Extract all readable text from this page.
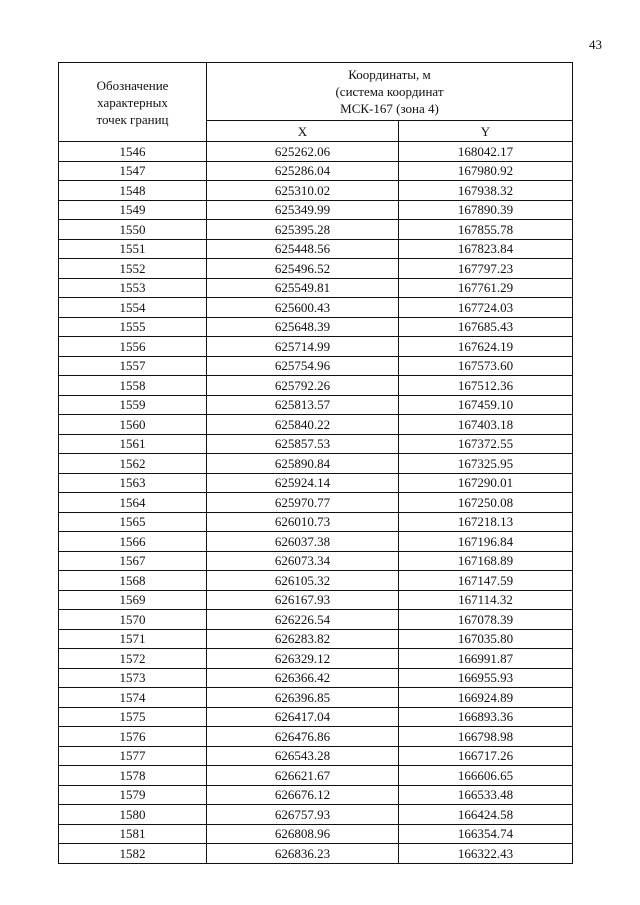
43
Обозначение
характерных
точек границ	Координаты, м
(система координат
МСК-167 (зона 4)	

	X	Y
1546	625262.06	168042.17
1547	625286.04	167980.92
1548	625310.02	167938.32
1549	625349.99	167890.39
1550	625395.28	167855.78
1551	625448.56	167823.84
1552	625496.52	167797.23
1553	625549.81	167761.29
1554	625600.43	167724.03
1555	625648.39	167685.43
1556	625714.99	167624.19
1557	625754.96	167573.60
1558	625792.26	167512.36
1559	625813.57	167459.10
1560	625840.22	167403.18
1561	625857.53	167372.55
1562	625890.84	167325.95
1563	625924.14	167290.01
1564	625970.77	167250.08
1565	626010.73	167218.13
1566	626037.38	167196.84
1567	626073.34	167168.89
1568	626105.32	167147.59
1569	626167.93	167114.32
1570	626226.54	167078.39
1571	626283.82	167035.80
1572	626329.12	166991.87
1573	626366.42	166955.93
1574	626396.85	166924.89
1575	626417.04	166893.36
1576	626476.86	166798.98
1577	626543.28	166717.26
1578	626621.67	166606.65
1579	626676.12	166533.48
1580	626757.93	166424.58
1581	626808.96	166354.74
1582	626836.23	166322.43
